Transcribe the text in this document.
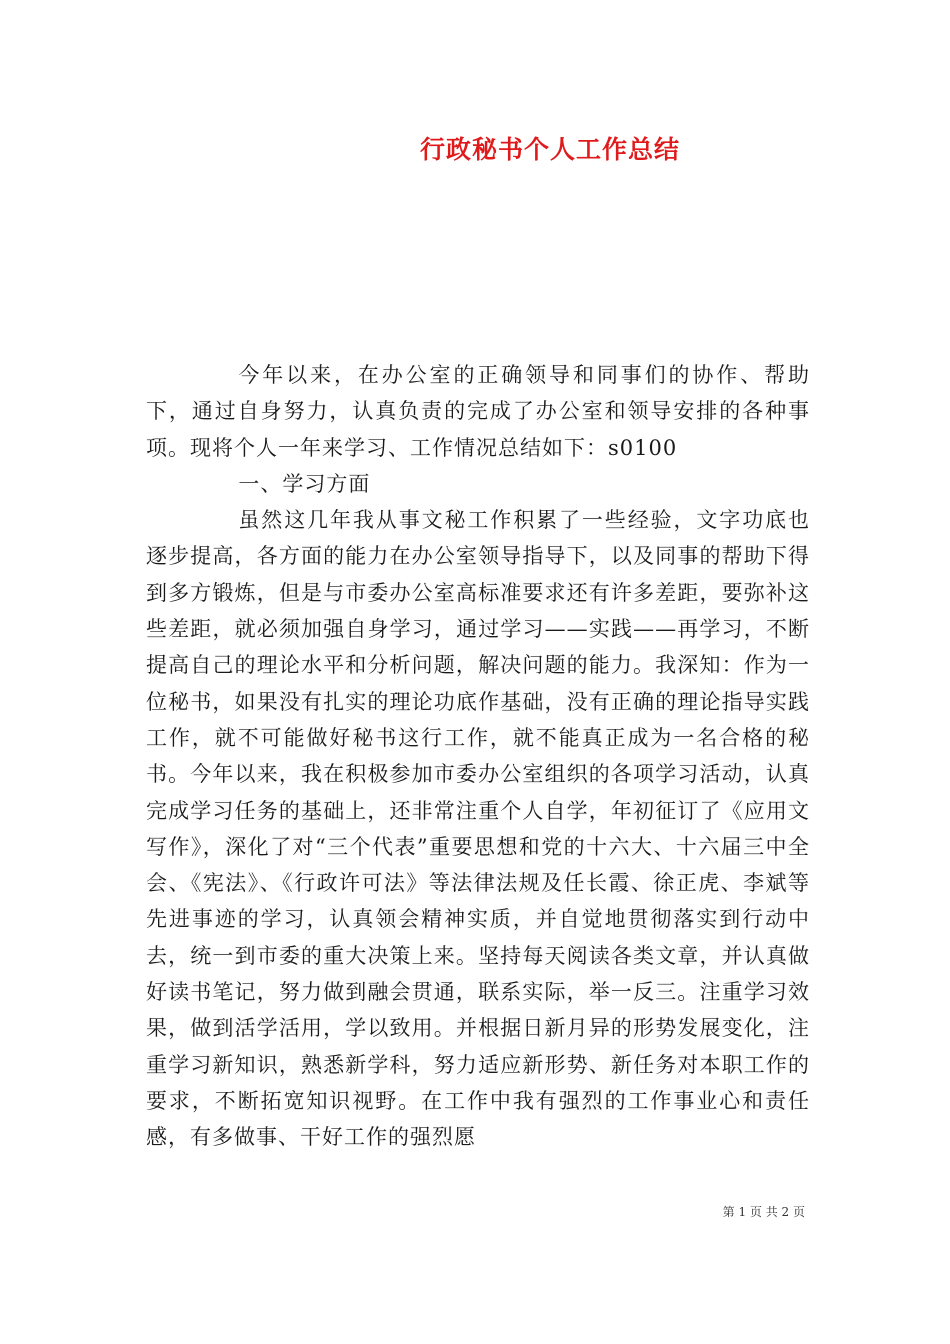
行政秘书个人工作总结

今年以来，在办公室的正确领导和同事们的协作、帮助下，通过自身努力，认真负责的完成了办公室和领导安排的各种事项。现将个人一年来学习、工作情况总结如下：s0100

一、学习方面

虽然这几年我从事文秘工作积累了一些经验，文字功底也逐步提高，各方面的能力在办公室领导指导下，以及同事的帮助下得到多方锻炼，但是与市委办公室高标准要求还有许多差距，要弥补这些差距，就必须加强自身学习，通过学习——实践——再学习，不断提高自己的理论水平和分析问题，解决问题的能力。我深知：作为一位秘书，如果没有扎实的理论功底作基础，没有正确的理论指导实践工作，就不可能做好秘书这行工作，就不能真正成为一名合格的秘书。今年以来，我在积极参加市委办公室组织的各项学习活动，认真完成学习任务的基础上，还非常注重个人自学，年初征订了《应用文写作》，深化了对“三个代表”重要思想和党的十六大、十六届三中全会、《宪法》、《行政许可法》等法律法规及任长霞、徐正虎、李斌等先进事迹的学习，认真领会精神实质，并自觉地贯彻落实到行动中去，统一到市委的重大决策上来。坚持每天阅读各类文章，并认真做好读书笔记，努力做到融会贯通，联系实际，举一反三。注重学习效果，做到活学活用，学以致用。并根据日新月异的形势发展变化，注重学习新知识，熟悉新学科，努力适应新形势、新任务对本职工作的要求，不断拓宽知识视野。在工作中我有强烈的工作事业心和责任感，有多做事、干好工作的强烈愿

第 1 页 共 2 页
